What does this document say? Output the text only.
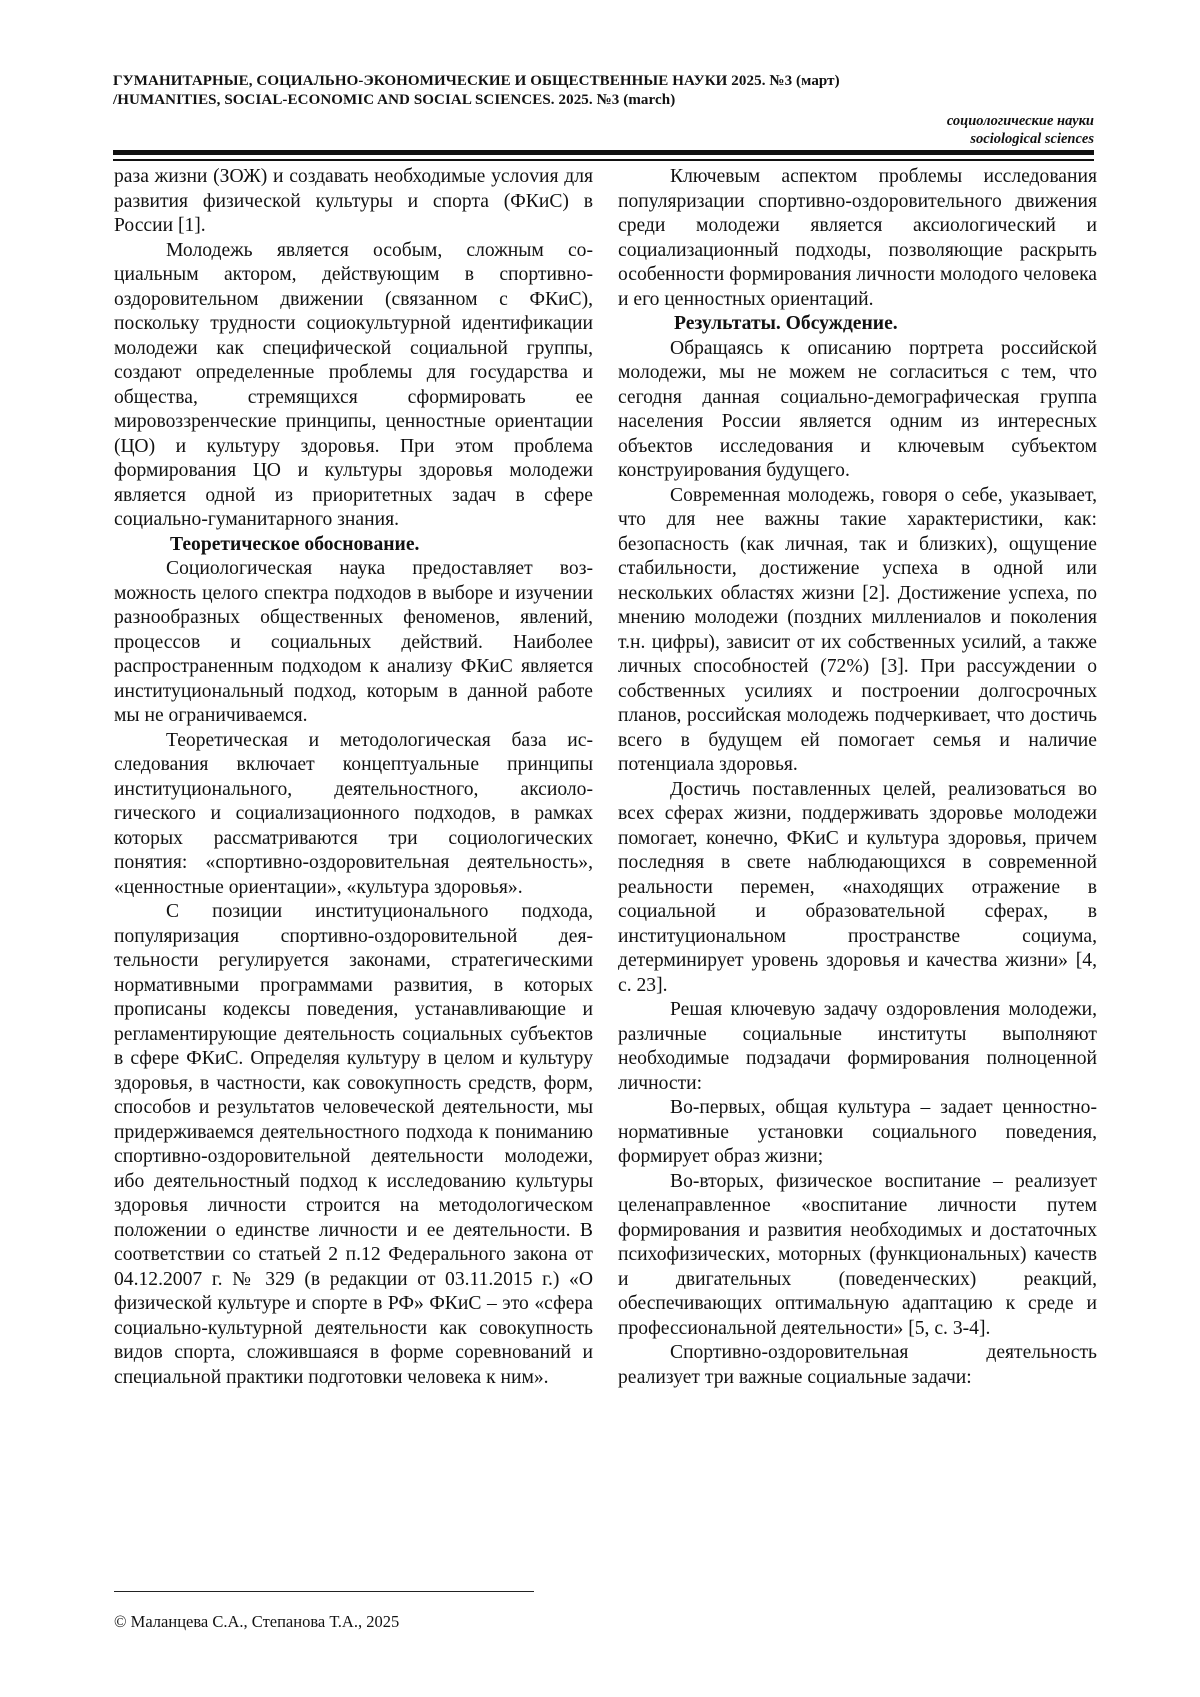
ГУМАНИТАРНЫЕ, СОЦИАЛЬНО-ЭКОНОМИЧЕСКИЕ И ОБЩЕСТВЕННЫЕ НАУКИ 2025. №3 (март)
/HUMANITIES, SOCIAL-ECONOMIC AND SOCIAL SCIENCES. 2025. №3 (march)
социологические науки
sociological sciences

раза жизни (ЗОЖ) и создавать необходимые услоvия для развития физической культуры и спорта (ФКиС) в России [1].

Молодежь является особым, сложным социальным актором, действующим в спортивно-оздоровительном движении (связанном с ФКиС), поскольку трудности социокультурной идентификации молодежи как специфической социальной группы, создают определенные проблемы для государства и общества, стремящихся сформировать ее мировоззренческие принципы, ценностные ориентации (ЦО) и культуру здоровья. При этом проблема формирования ЦО и культуры здоровья молодежи является одной из приоритетных задач в сфере социально-гуманитарного знания.

Теоретическое обоснование.

Социологическая наука предоставляет возможность целого спектра подходов в выборе и изучении разнообразных общественных феноменов, явлений, процессов и социальных действий. Наиболее распространенным подходом к анализу ФКиС является институциональный подход, которым в данной работе мы не ограничиваемся.

Теоретическая и методологическая база исследования включает концептуальные принципы институционального, деятельностного, аксиологического и социализационного подходов, в рамках которых рассматриваются три социологических понятия: «спортивно-оздоровительная деятельность», «ценностные ориентации», «культура здоровья».

С позиции институционального подхода, популяризация спортивно-оздоровительной деятельности регулируется законами, стратегическими нормативными программами развития, в которых прописаны кодексы поведения, устанавливающие и регламентирующие деятельность социальных субъектов в сфере ФКиС. Определяя культуру в целом и культуру здоровья, в частности, как совокупность средств, форм, способов и результатов человеческой деятельности, мы придерживаемся деятельностного подхода к пониманию спортивно-оздоровительной деятельности молодежи, ибо деятельностный подход к исследованию культуры здоровья личности строится на методологическом положении о единстве личности и ее деятельности. В соответствии со статьей 2 п.12 Федерального закона от 04.12.2007 г. № 329 (в редакции от 03.11.2015 г.) «О физической культуре и спорте в РФ» ФКиС – это «сфера социально-культурной деятельности как совокупность видов спорта, сложившаяся в форме соревнований и специальной практики подготовки человека к ним».

Ключевым аспектом проблемы исследования популяризации спортивно-оздоровительного движения среди молодежи является аксиологический и социализационный подходы, позволяющие раскрыть особенности формирования личности молодого человека и его ценностных ориентаций.

Результаты. Обсуждение.

Обращаясь к описанию портрета российской молодежи, мы не можем не согласиться с тем, что сегодня данная социально-демографическая группа населения России является одним из интересных объектов исследования и ключевым субъектом конструирования будущего.

Современная молодежь, говоря о себе, указывает, что для нее важны такие характеристики, как: безопасность (как личная, так и близких), ощущение стабильности, достижение успеха в одной или нескольких областях жизни [2]. Достижение успеха, по мнению молодежи (поздних миллениалов и поколения т.н. цифры), зависит от их собственных усилий, а также личных способностей (72%) [3]. При рассуждении о собственных усилиях и построении долгосрочных планов, российская молодежь подчеркивает, что достичь всего в будущем ей помогает семья и наличие потенциала здоровья.

Достичь поставленных целей, реализоваться во всех сферах жизни, поддерживать здоровье молодежи помогает, конечно, ФКиС и культура здоровья, причем последняя в свете наблюдающихся в современной реальности перемен, «находящих отражение в социальной и образовательной сферах, в институциональном пространстве социума, детерминирует уровень здоровья и качества жизни» [4, с. 23].

Решая ключевую задачу оздоровления молодежи, различные социальные институты выполняют необходимые подзадачи формирования полноценной личности:

Во-первых, общая культура – задает ценностно-нормативные установки социального поведения, формирует образ жизни;

Во-вторых, физическое воспитание – реализует целенаправленное «воспитание личности путем формирования и развития необходимых и достаточных психофизических, моторных (функциональных) качеств и двигательных (поведенческих) реакций, обеспечивающих оптимальную адаптацию к среде и профессиональной деятельности» [5, с. 3-4].

Спортивно-оздоровительная деятельность реализует три важные социальные задачи:

© Маланцева С.А., Степанова Т.А., 2025
